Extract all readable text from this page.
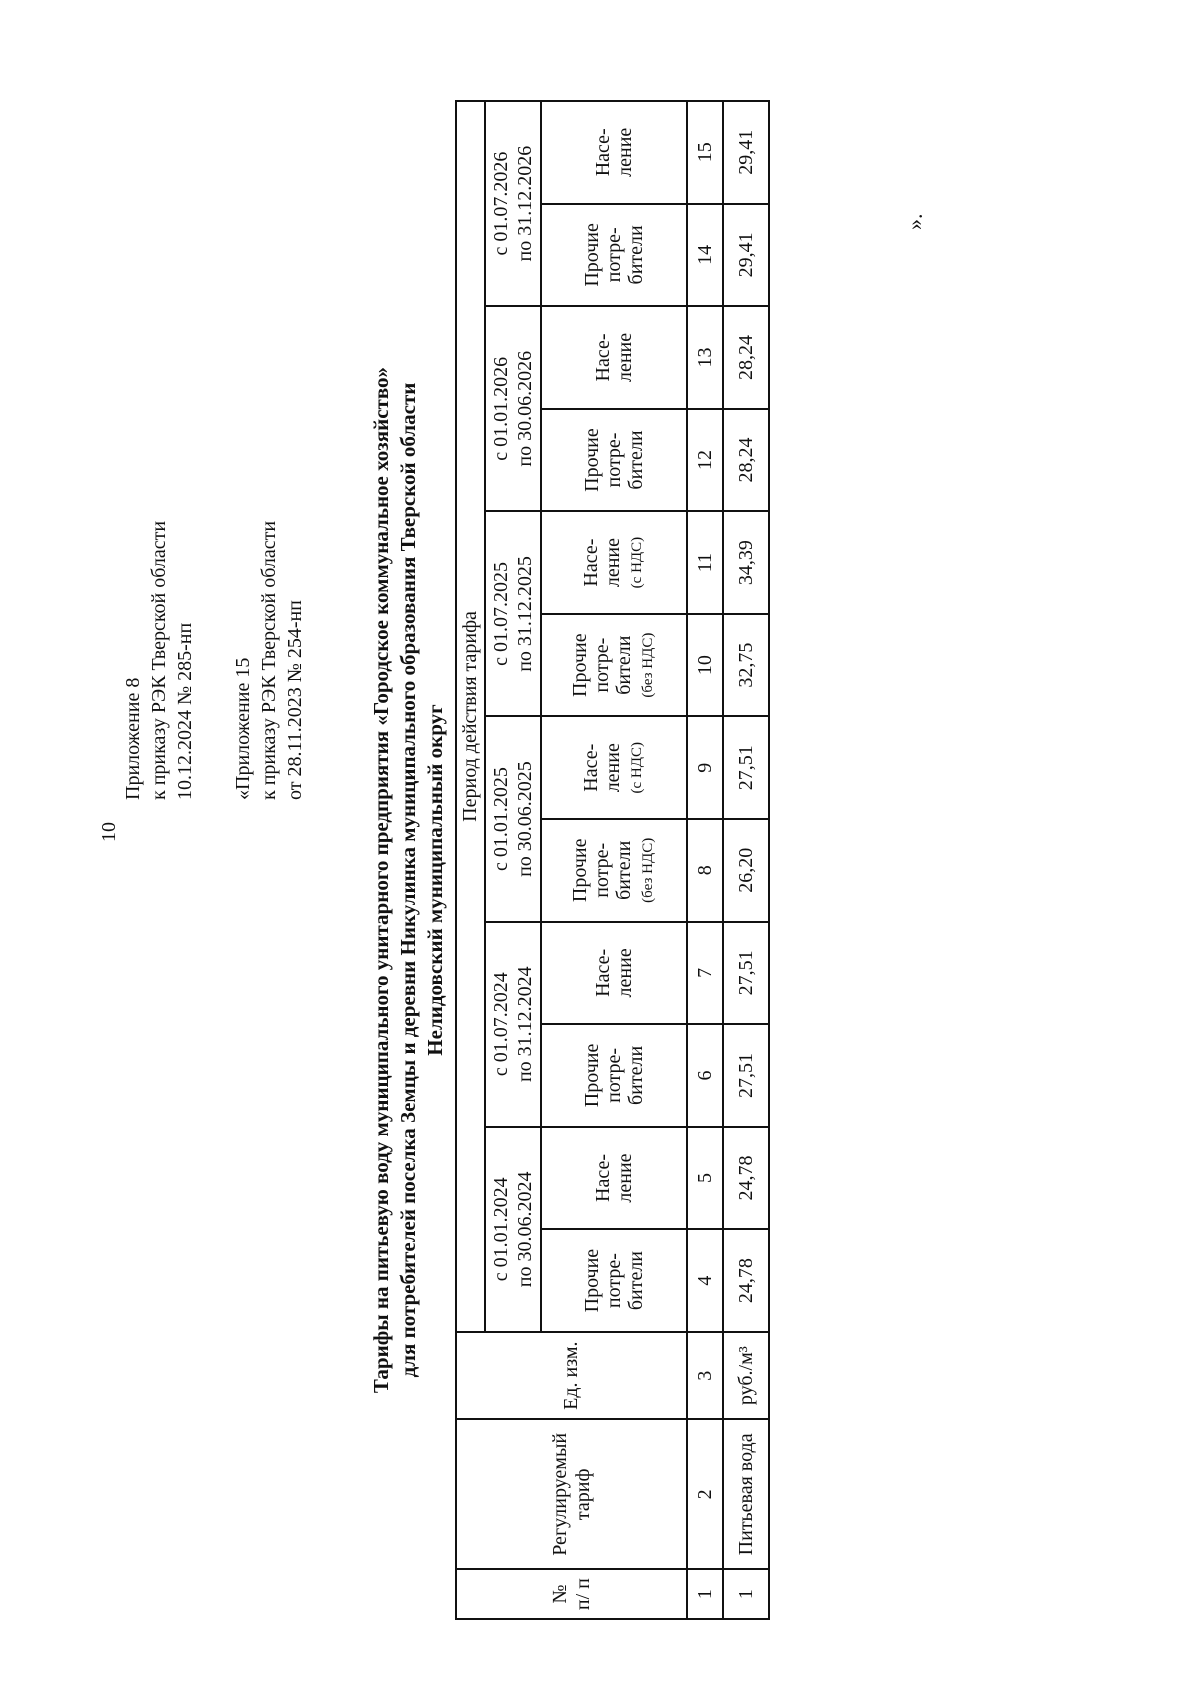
10
Приложение 8 к приказу РЭК Тверской области 10.12.2024 № 285-нп «Приложение 15 к приказу РЭК Тверской области от 28.11.2023 № 254-нп	Тарифы на питьевую воду муниципального унитарного предприятия «Городское коммунальное хозяйство» для потребителей поселка Земцы и деревни Никулинка муниципального образования Тверской области Нелидовский муниципальный округ
№ п/ п	Регулируемый тариф	Ед. изм.	Период действия тарифа											
			с 01.01.2024 по 30.06.2024		с 01.07.2024 по 31.12.2024		с 01.01.2025 по 30.06.2025		с 01.07.2025 по 31.12.2025		с 01.01.2026 по 30.06.2026		с 01.07.2026 по 31.12.2026	
			Прочие потре- бители	Насе- ление	Прочие потре- бители	Насе- ление	Прочие потре- бители (без НДС)	Насе- ление (с НДС)	Прочие потре- бители (без НДС)	Насе- ление (с НДС)	Прочие потре- бители	Насе- ление	Прочие потре- бители	Насе- ление
1	2	3	4	5	6	7	8	9	10	11	12	13	14	15
1	Питьевая вода	руб./м³	24,78	24,78	27,51	27,51	26,20	27,51	32,75	34,39	28,24	28,24	29,41	29,41
».
